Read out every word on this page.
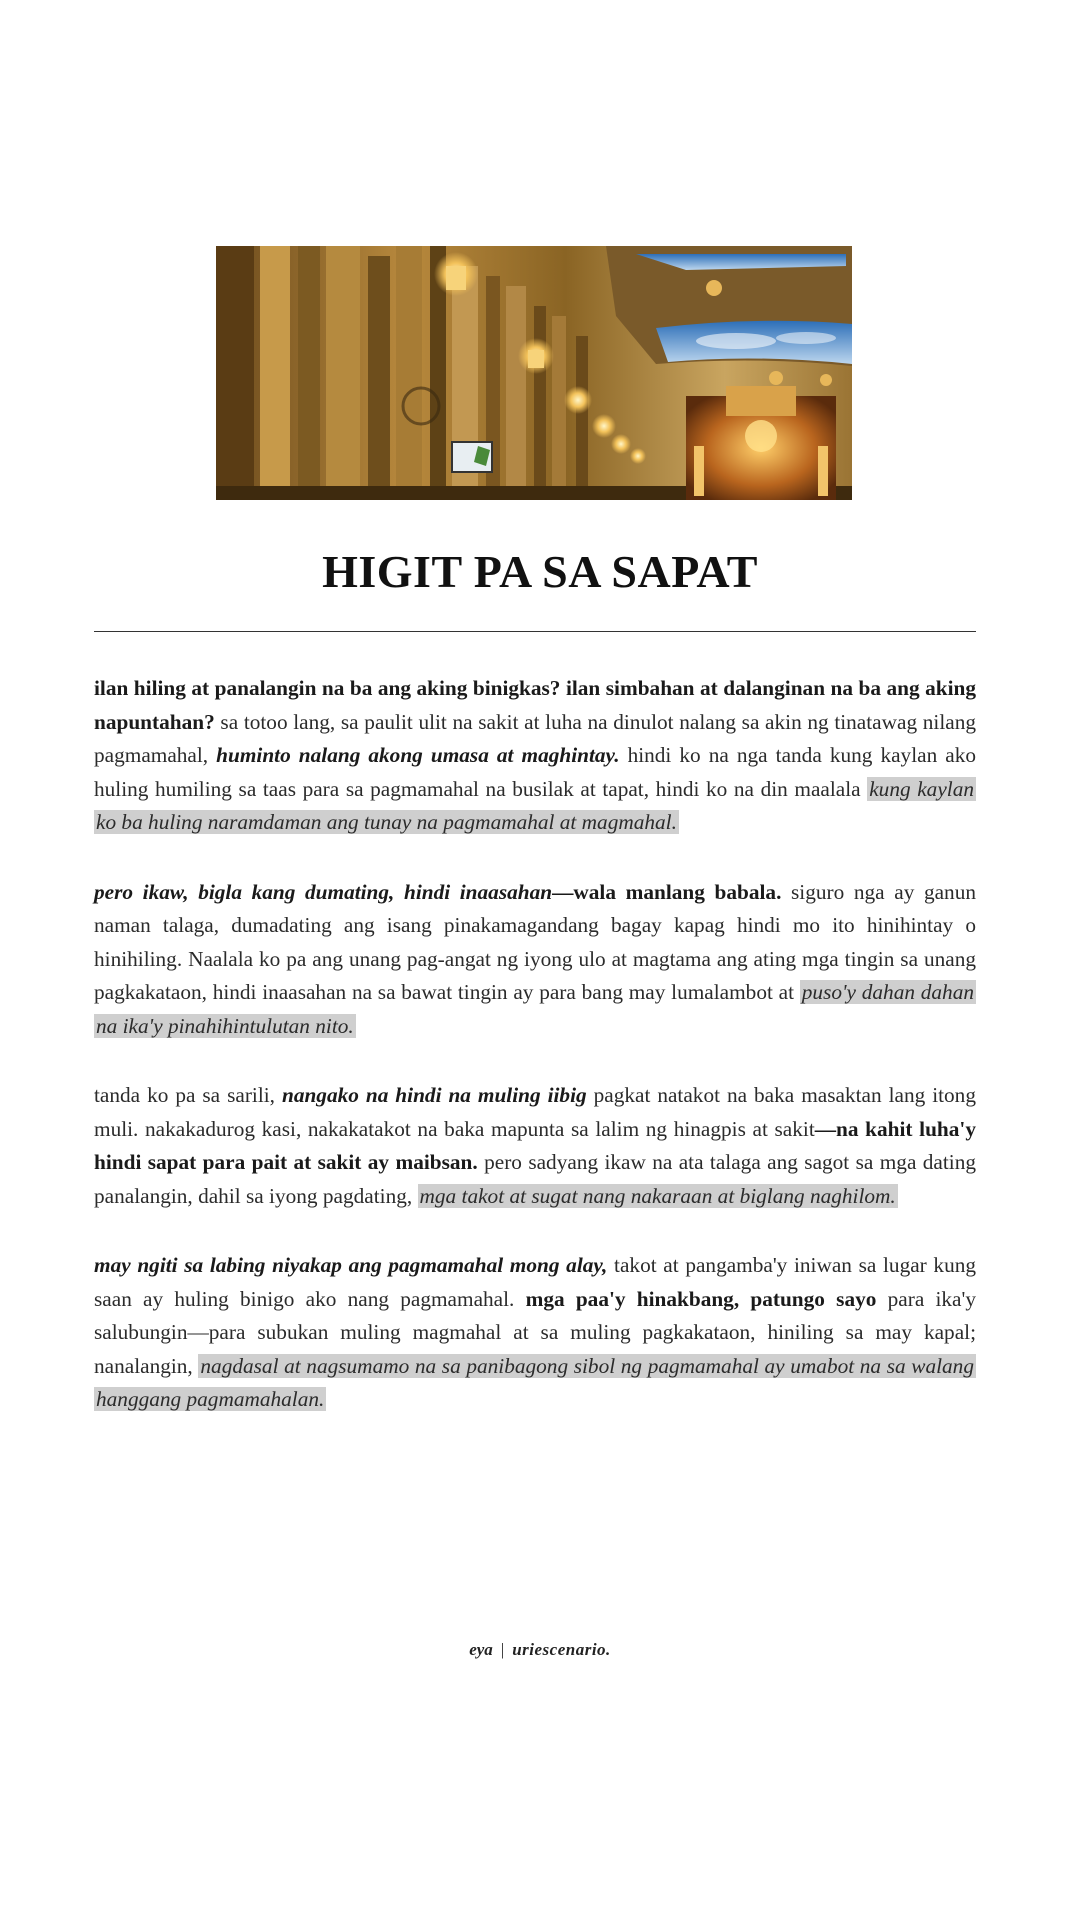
HIGIT PA SA SAPAT

ilan hiling at panalangin na ba ang aking binigkas? ilan simbahan at dalanginan na ba ang aking napuntahan? sa totoo lang, sa paulit ulit na sakit at luha na dinulot nalang sa akin ng tinatawag nilang pagmamahal, huminto nalang akong umasa at maghintay. hindi ko na nga tanda kung kaylan ako huling humiling sa taas para sa pagmamahal na busilak at tapat, hindi ko na din maalala kung kaylan ko ba huling naramdaman ang tunay na pagmamahal at magmahal.

pero ikaw, bigla kang dumating, hindi inaasahan—wala manlang babala. siguro nga ay ganun naman talaga, dumadating ang isang pinakamagandang bagay kapag hindi mo ito hinihintay o hinihiling. Naalala ko pa ang unang pag-angat ng iyong ulo at magtama ang ating mga tingin sa unang pagkakataon, hindi inaasahan na sa bawat tingin ay para bang may lumalambot at puso'y dahan dahan na ika'y pinahihintulutan nito.

tanda ko pa sa sarili, nangako na hindi na muling iibig pagkat natakot na baka masaktan lang itong muli. nakakadurog kasi, nakakatakot na baka mapunta sa lalim ng hinagpis at sakit—na kahit luha'y hindi sapat para pait at sakit ay maibsan. pero sadyang ikaw na ata talaga ang sagot sa mga dating panalangin, dahil sa iyong pagdating, mga takot at sugat nang nakaraan at biglang naghilom.

may ngiti sa labing niyakap ang pagmamahal mong alay, takot at pangamba'y iniwan sa lugar kung saan ay huling binigo ako nang pagmamahal. mga paa'y hinakbang, patungo sayo para ika'y salubungin—para subukan muling magmahal at sa muling pagkakataon, hiniling sa may kapal; nanalangin, nagdasal at nagsumamo na sa panibagong sibol ng pagmamahal ay umabot na sa walang hanggang pagmamahalan.

eya | uriescenario.
